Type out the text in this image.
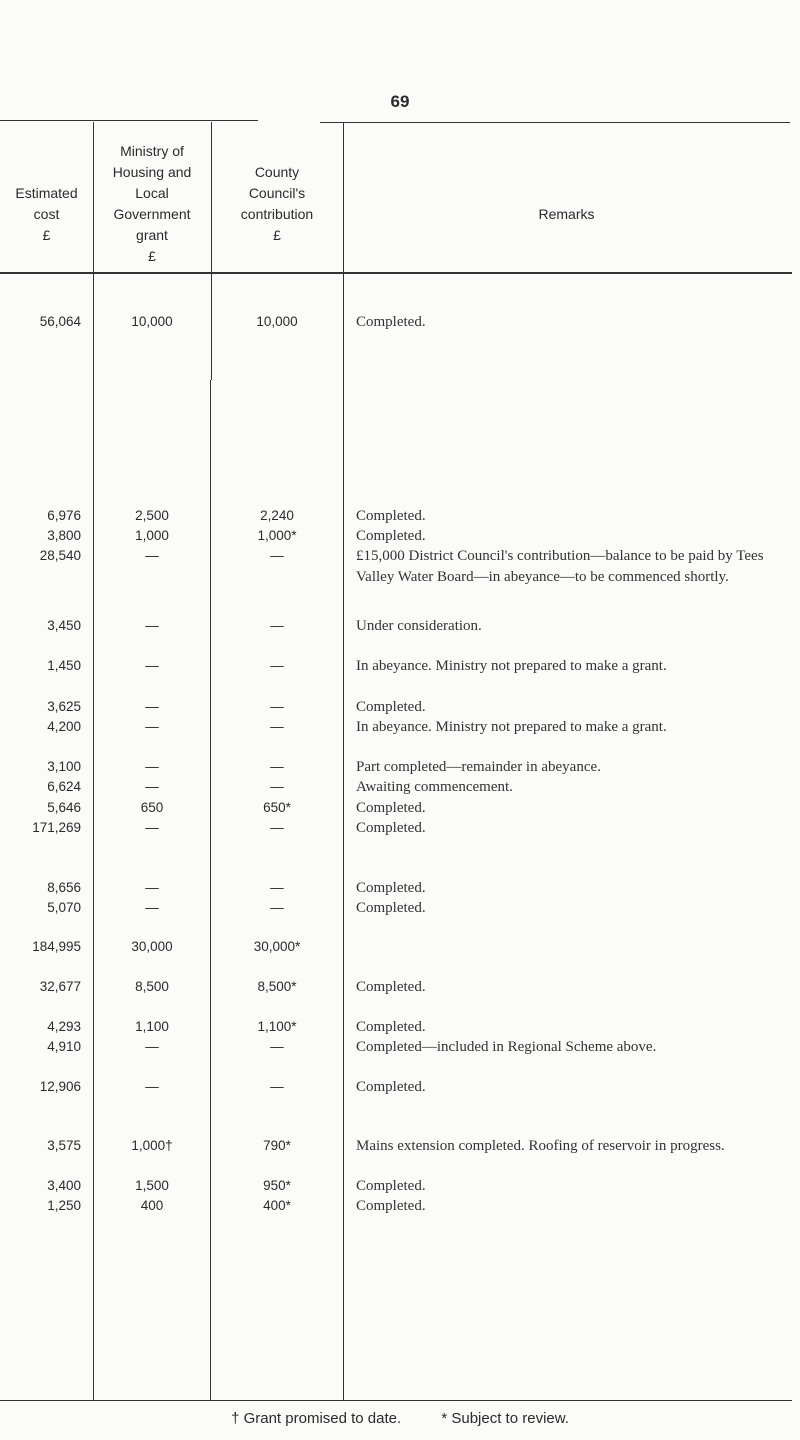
69
Estimated
cost
£
Ministry of
Housing and
Local
Government
grant
£
County
Council's
contribution
£
Remarks
56,064	10,000	10,000	Completed.
6,976	2,500	2,240	Completed.
3,800	1,000	1,000*	Completed.
28,540	—	—	£15,000 District Council's contribution—balance to be paid by Tees Valley Water Board—in abeyance—to be commenced shortly.
3,450	—	—	Under consideration.
1,450	—	—	In abeyance. Ministry not prepared to make a grant.
3,625	—	—	Completed.
4,200	—	—	In abeyance. Ministry not prepared to make a grant.
3,100	—	—	Part completed—remainder in abeyance.
6,624	—	—	Awaiting commencement.
5,646	650	650*	Completed.
171,269	—	—	Completed.
8,656	—	—	Completed.
5,070	—	—	Completed.
184,995	30,000	30,000*
32,677	8,500	8,500*	Completed.
4,293	1,100	1,100*	Completed.
4,910	—	—	Completed—included in Regional Scheme above.
12,906	—	—	Completed.
3,575	1,000†	790*	Mains extension completed. Roofing of reservoir in progress.
3,400	1,500	950*	Completed.
1,250	400	400*	Completed.
† Grant promised to date.	* Subject to review.
